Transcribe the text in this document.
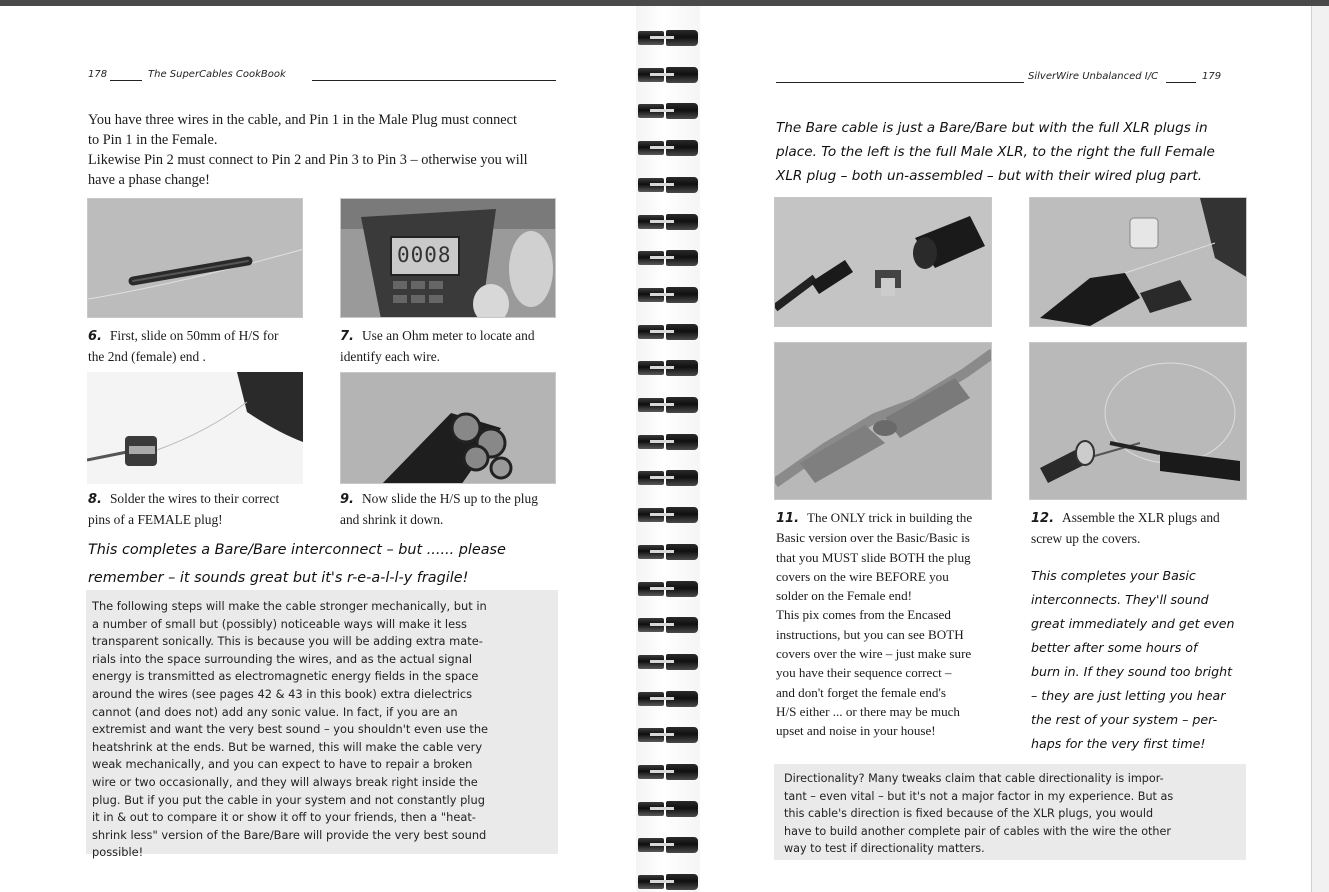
178	The SuperCables CookBook
You have three wires in the cable, and Pin 1 in the Male Plug must connect
to Pin 1 in the Female.
Likewise Pin 2 must connect to Pin 2 and Pin 3 to Pin 3 – otherwise you will
have a phase change!
0008
6. First, slide on 50mm of H/S for
the 2nd (female) end .
7. Use an Ohm meter to locate and
identify each wire.
8. Solder the wires to their correct
pins of a FEMALE plug!
9. Now slide the H/S up to the plug
and shrink it down.
This completes a Bare/Bare interconnect – but ...... please
remember – it sounds great but it's r-e-a-l-l-y fragile!

The following steps will make the cable stronger mechanically, but in

a number of small but (possibly) noticeable ways will make it less

transparent sonically. This is because you will be adding extra mate-

rials into the space surrounding the wires, and as the actual signal

energy is transmitted as electromagnetic energy fields in the space

around the wires (see pages 42 & 43 in this book) extra dielectrics

cannot (and does not) add any sonic value. In fact, if you are an

extremist and want the very best sound – you shouldn't even use the

heatshrink at the ends. But be warned, this will make the cable very

weak mechanically, and you can expect to have to repair a broken

wire or two occasionally, and they will always break right inside the

plug. But if you put the cable in your system and not constantly plug

it in & out to compare it or show it off to your friends, then a "heat-

shrink less" version of the Bare/Bare will provide the very best sound

possible!

SilverWire Unbalanced I/C	179
The Bare cable is just a Bare/Bare but with the full XLR plugs in
place. To the left is the full Male XLR, to the right the full Female
XLR plug – both un-assembled – but with their wired plug part.
11. The ONLY trick in building the
Basic version over the Basic/Basic is
that you MUST slide BOTH the plug
covers on the wire BEFORE you
solder on the Female end!
This pix comes from the Encased
instructions, but you can see BOTH
covers over the wire – just make sure
you have their sequence correct –
and don't forget the female end's
H/S either ... or there may be much
upset and noise in your house!
12. Assemble the XLR plugs and
screw up the covers.
This completes your Basic
interconnects. They'll sound
great immediately and get even
better after some hours of
burn in. If they sound too bright
– they are just letting you hear
the rest of your system – per-
haps for the very first time!

Directionality? Many tweaks claim that cable directionality is impor-

tant – even vital – but it's not a major factor in my experience. But as

this cable's direction is fixed because of the XLR plugs, you would

have to build another complete pair of cables with the wire the other

way to test if directionality matters.
